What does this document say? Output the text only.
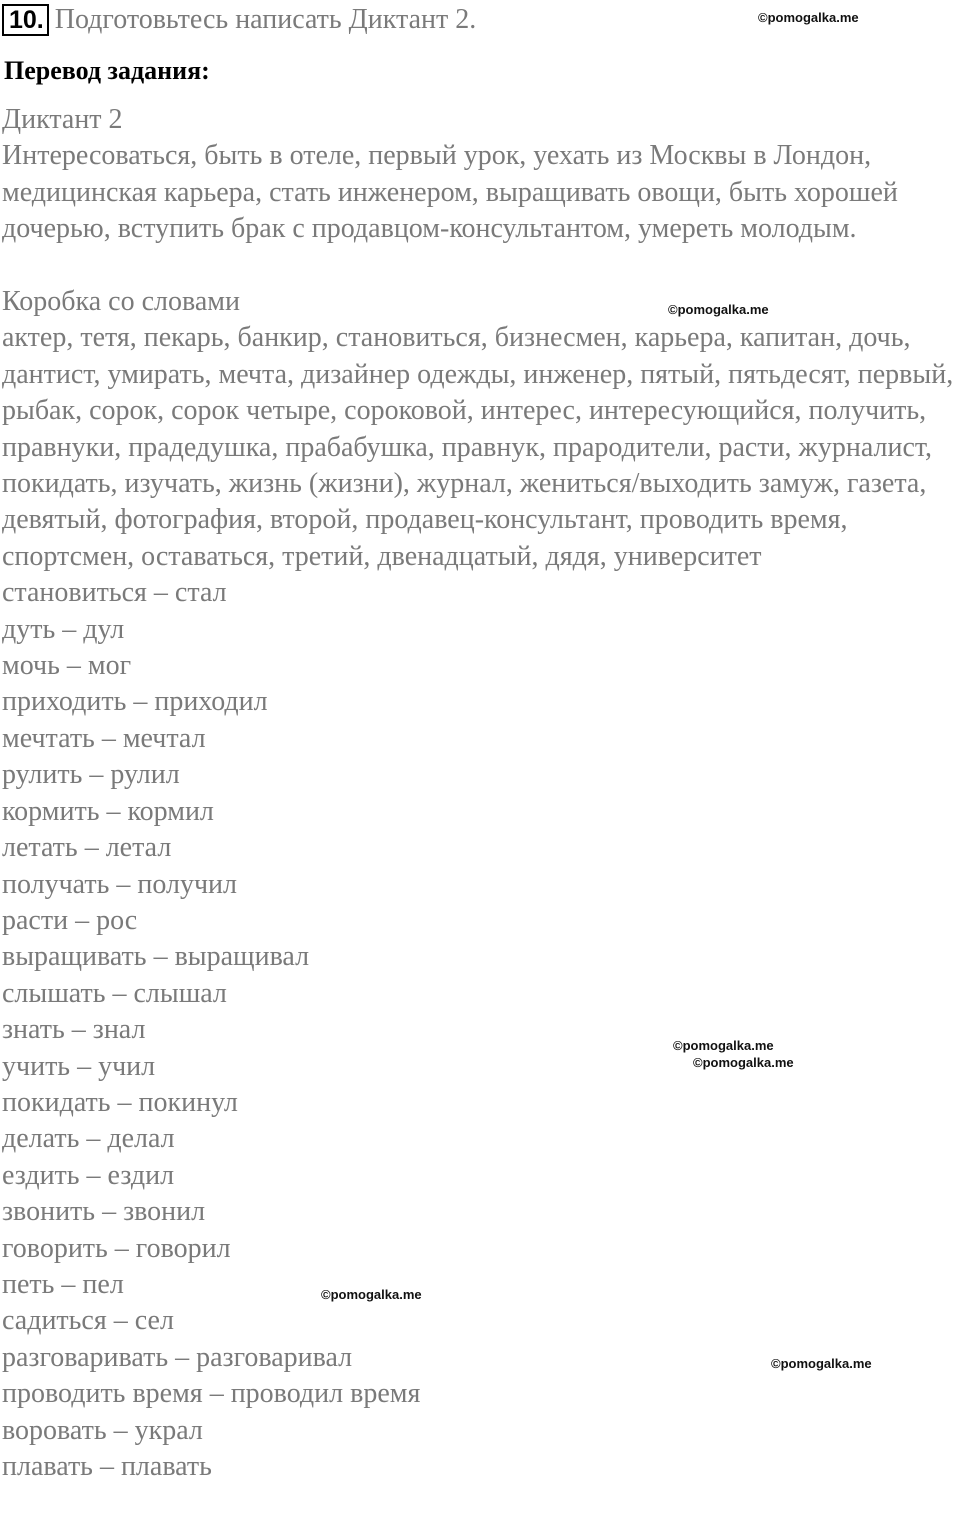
10. Подготовьтесь написать Диктант 2.	©pomogalka.me
Перевод задания:

Диктант 2

Интересоваться, быть в отеле, первый урок, уехать из Москвы в Лондон, медицинская карьера, стать инженером, выращивать овощи, быть хорошей дочерью, вступить брак с продавцом-консультантом, умереть молодым.

Коробка со словами

актер, тетя, пекарь, банкир, становиться, бизнесмен, карьера, капитан, дочь, дантист, умирать, мечта, дизайнер одежды, инженер, пятый, пятьдесят, первый, рыбак, сорок, сорок четыре, сороковой, интерес, интересующийся, получить, правнуки, прадедушка, прабабушка, правнук, прародители, расти, журналист, покидать, изучать, жизнь (жизни), журнал, жениться/выходить замуж, газета, девятый, фотография, второй, продавец-консультант, проводить время, спортсмен, оставаться, третий, двенадцатый, дядя, университет

становиться – стал
дуть – дул
мочь – мог
приходить – приходил
мечтать – мечтал
рулить – рулил
кормить – кормил
летать – летал
получать – получил
расти – рос
выращивать – выращивал
слышать – слышал
знать – знал
учить – учил
покидать – покинул
делать – делал
ездить – ездил
звонить – звонил
говорить – говорил
петь – пел
садиться – сел
разговаривать – разговаривал
проводить время – проводил время
воровать – украл
плавать – плавать
©pomogalka.me
©pomogalka.me
©pomogalka.me
©pomogalka.me
©pomogalka.me
